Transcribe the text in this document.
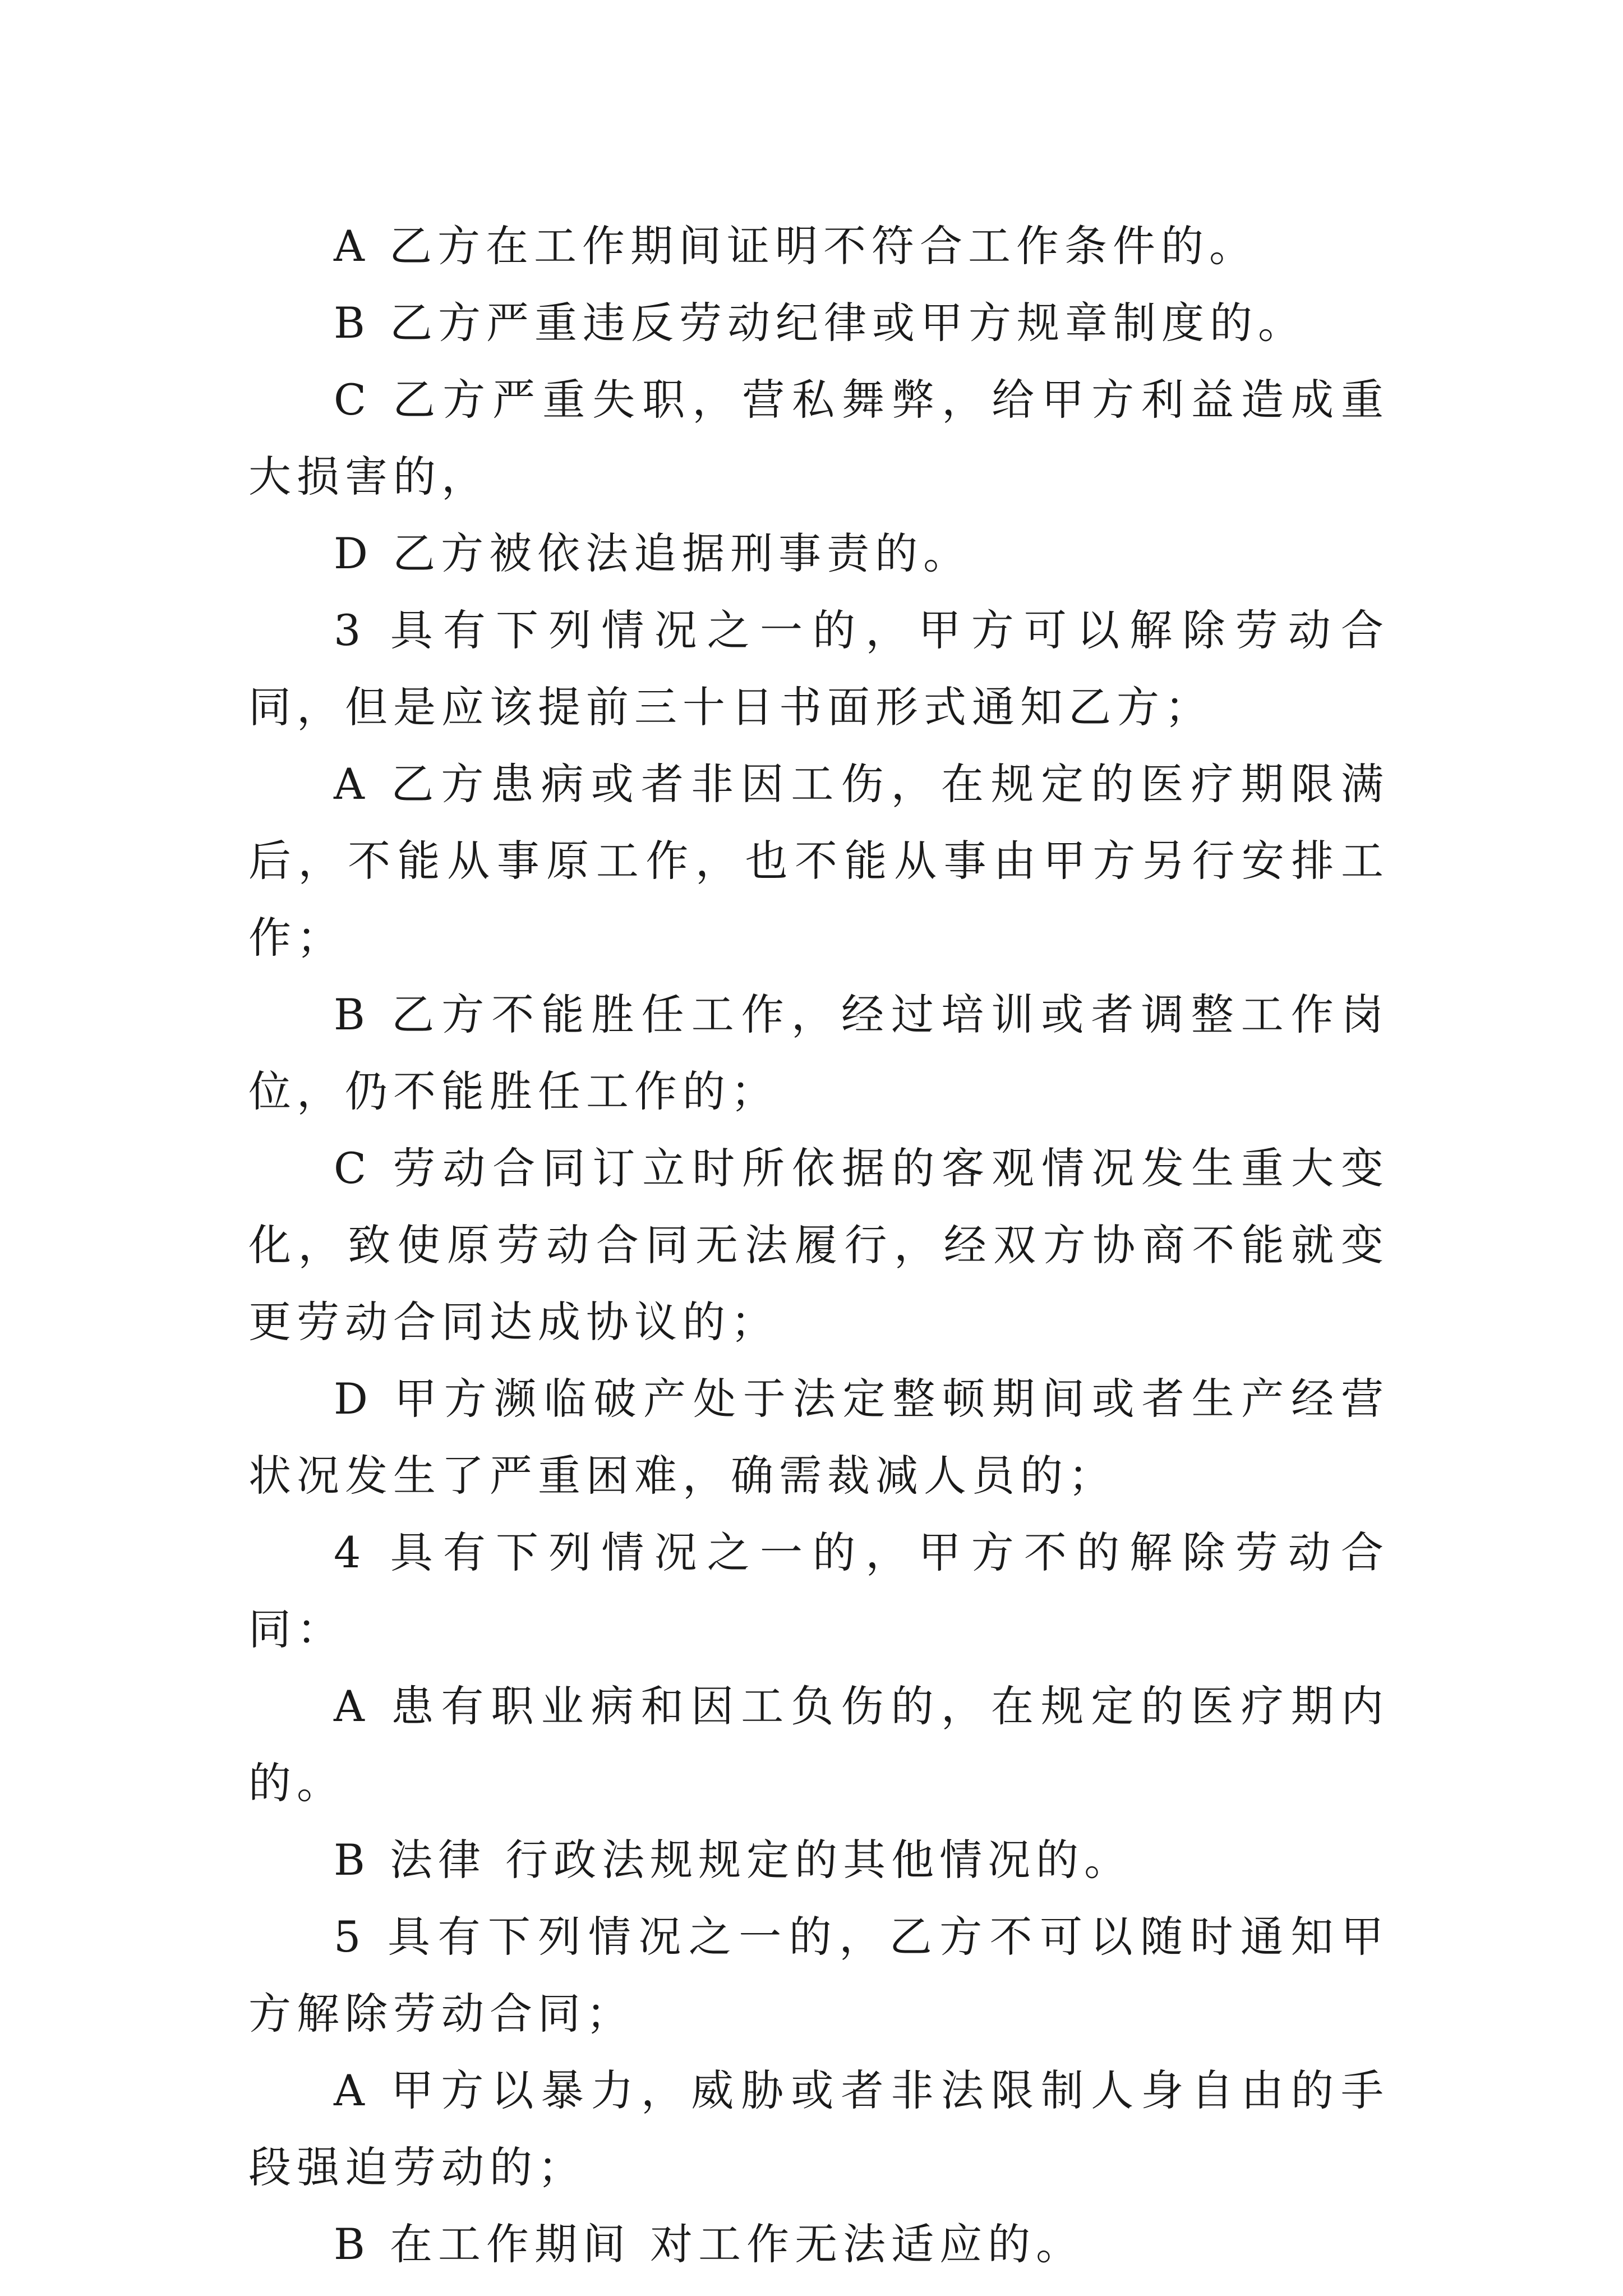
A 乙方在工作期间证明不符合工作条件的。

B 乙方严重违反劳动纪律或甲方规章制度的。

C 乙方严重失职，营私舞弊，给甲方利益造成重大损害的，

D 乙方被依法追据刑事责的。

3 具有下列情况之一的，甲方可以解除劳动合同，但是应该提前三十日书面形式通知乙方；

A 乙方患病或者非因工伤，在规定的医疗期限满后，不能从事原工作，也不能从事由甲方另行安排工作；

B 乙方不能胜任工作，经过培训或者调整工作岗位，仍不能胜任工作的；

C 劳动合同订立时所依据的客观情况发生重大变化，致使原劳动合同无法履行，经双方协商不能就变更劳动合同达成协议的；

D 甲方濒临破产处于法定整顿期间或者生产经营状况发生了严重困难，确需裁减人员的；

4 具有下列情况之一的，甲方不的解除劳动合同：

A 患有职业病和因工负伤的，在规定的医疗期内的。

B 法律 行政法规规定的其他情况的。

5 具有下列情况之一的，乙方不可以随时通知甲方解除劳动合同；

A 甲方以暴力，威胁或者非法限制人身自由的手段强迫劳动的；

B 在工作期间 对工作无法适应的。
